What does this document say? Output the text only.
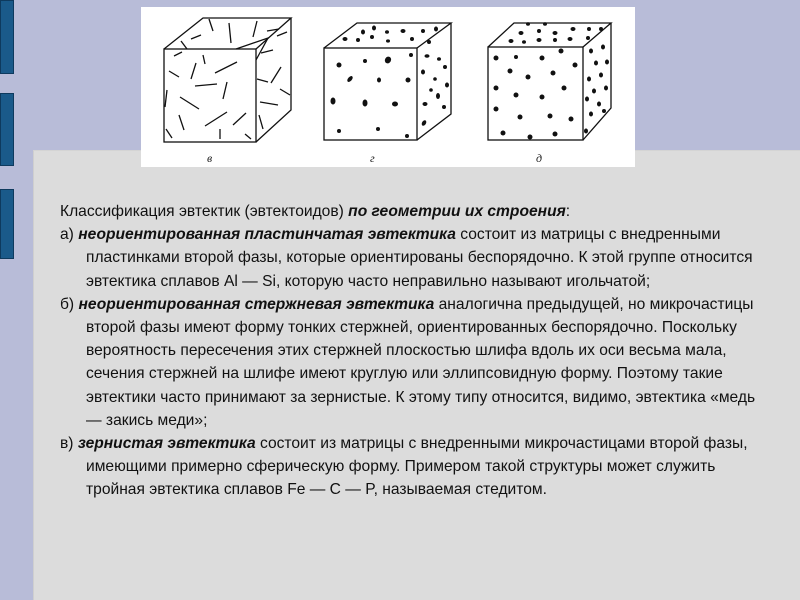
в	г	д
Классификация эвтектик (эвтектоидов) по геометрии их строения:
а) неориентированная пластинчатая эвтектика состоит из матрицы с внедренными пластинками второй фазы, которые ориентированы беспорядочно. К этой группе относится эвтектика сплавов Al — Si, которую часто неправильно называют игольчатой;
б) неориентированная стержневая эвтектика аналогична предыдущей, но микрочастицы второй фазы имеют форму тонких стержней, ориентированных беспорядочно. Поскольку вероятность пересечения этих стержней плоскостью шлифа вдоль их оси весьма мала, сечения стержней на шлифе имеют круглую или эллипсовидную форму. Поэтому такие эвтектики часто принимают за зернистые. К этому типу относится, видимо, эвтектика «медь — закись меди»;
в) зернистая эвтектика состоит из матрицы с внедренными микрочастицами второй фазы, имеющими примерно сферическую форму. Примером такой структуры может служить тройная эвтектика сплавов Fe — C — P, называемая стедитом.
